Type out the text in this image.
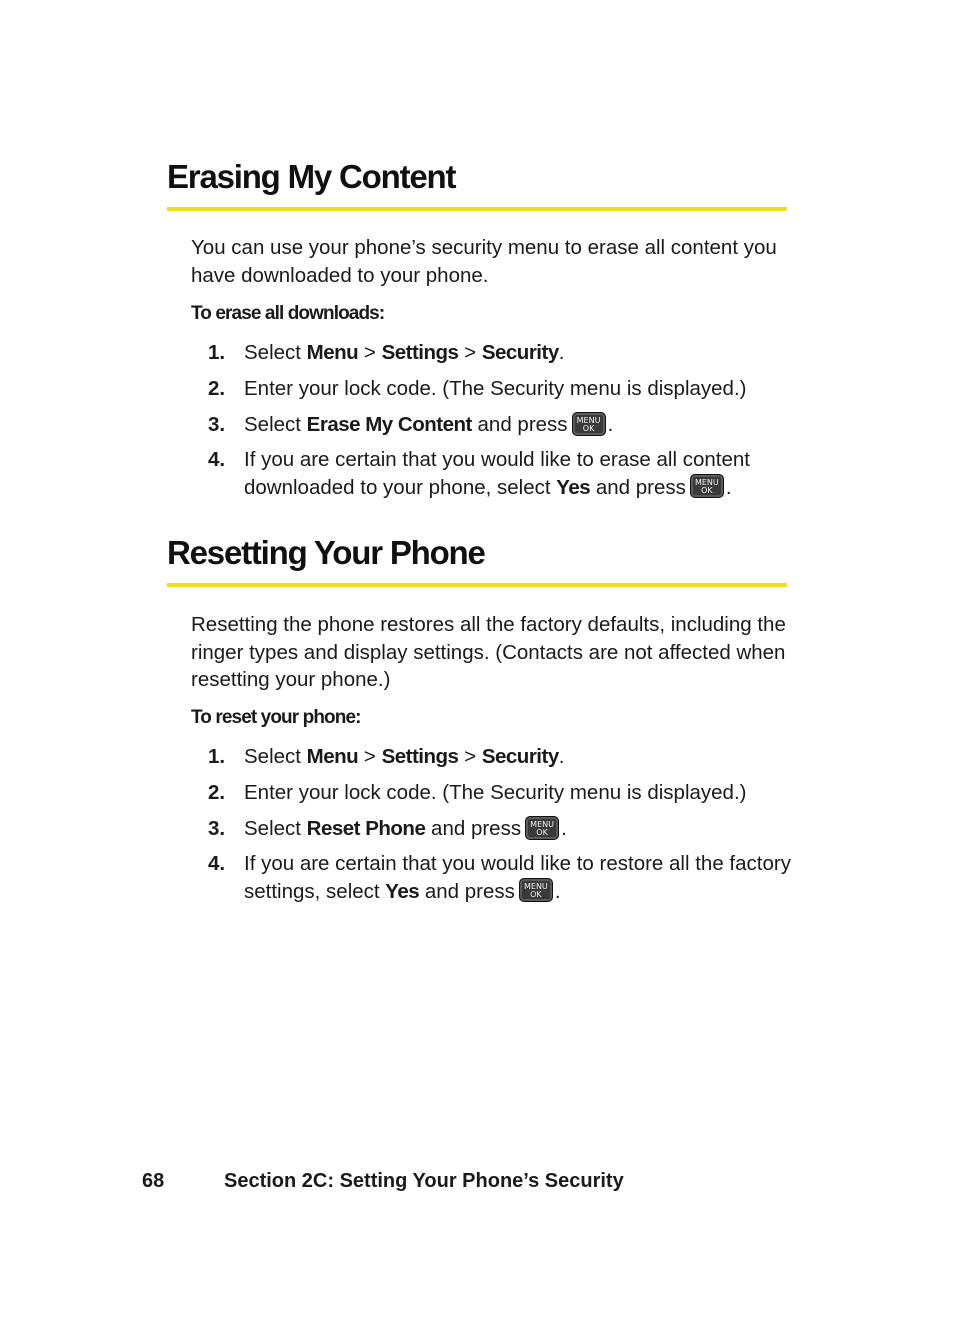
Erasing My Content

You can use your phone’s security menu to erase all content you have downloaded to your phone.

To erase all downloads:

1. Select Menu > Settings > Security.
2. Enter your lock code. (The Security menu is displayed.)
3. Select Erase My Content and press	MENU
OK .
4. If you are certain that you would like to erase all content downloaded to your phone, select Yes and press	MENU
OK .
Resetting Your Phone

Resetting the phone restores all the factory defaults, including the ringer types and display settings. (Contacts are not affected when resetting your phone.)

To reset your phone:

1. Select Menu > Settings > Security.
2. Enter your lock code. (The Security menu is displayed.)
3. Select Reset Phone and press	MENU
OK .
4. If you are certain that you would like to restore all the factory settings, select Yes and press	MENU
OK .
68	Section 2C: Setting Your Phone’s Security
